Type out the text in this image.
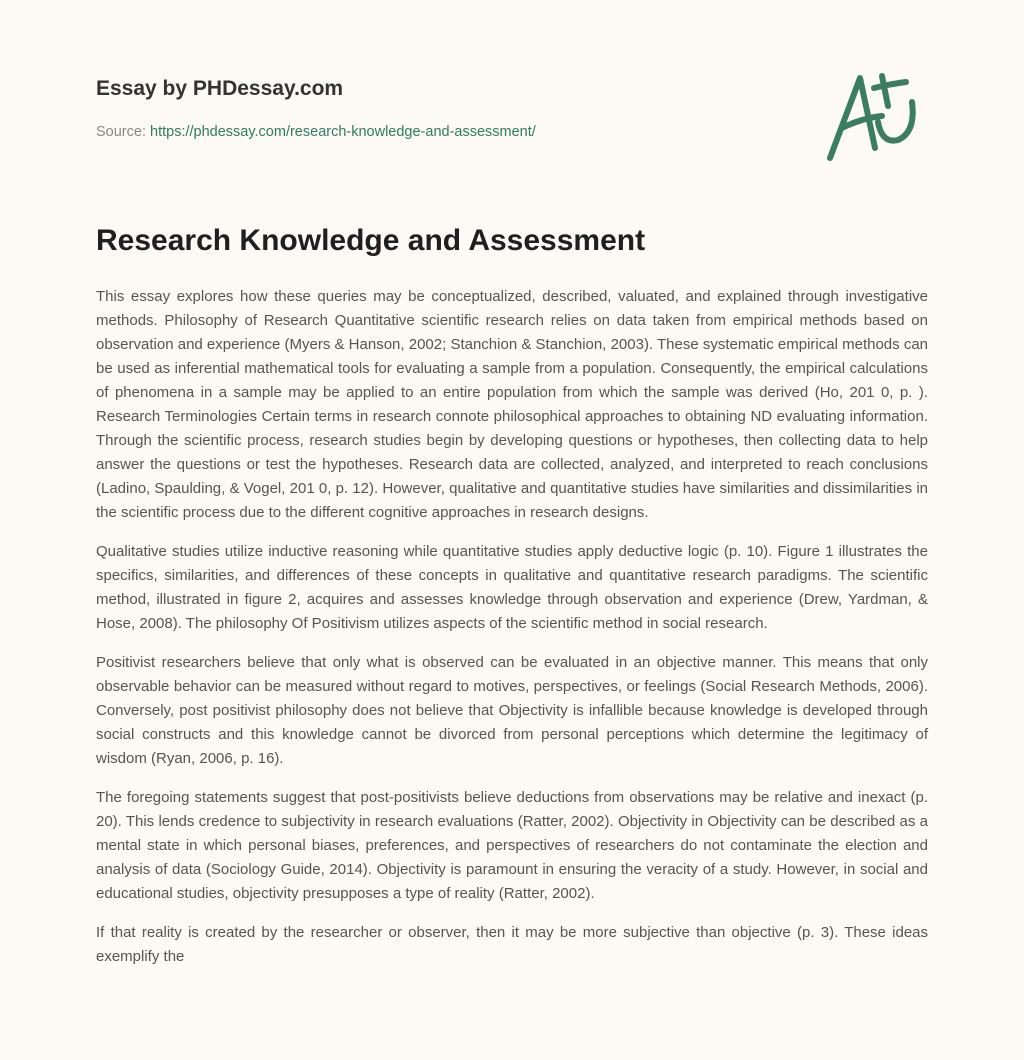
Essay by PHDessay.com
Source: https://phdessay.com/research-knowledge-and-assessment/
Research Knowledge and Assessment

This essay explores how these queries may be conceptualized, described, valuated, and explained through investigative methods. Philosophy of Research Quantitative scientific research relies on data taken from empirical methods based on observation and experience (Myers & Hanson, 2002; Stanchion & Stanchion, 2003). These systematic empirical methods can be used as inferential mathematical tools for evaluating a sample from a population. Consequently, the empirical calculations of phenomena in a sample may be applied to an entire population from which the sample was derived (Ho, 201 0, p. ). Research Terminologies Certain terms in research connote philosophical approaches to obtaining ND evaluating information. Through the scientific process, research studies begin by developing questions or hypotheses, then collecting data to help answer the questions or test the hypotheses. Research data are collected, analyzed, and interpreted to reach conclusions (Ladino, Spaulding, & Vogel, 201 0, p. 12). However, qualitative and quantitative studies have similarities and dissimilarities in the scientific process due to the different cognitive approaches in research designs.

Qualitative studies utilize inductive reasoning while quantitative studies apply deductive logic (p. 10). Figure 1 illustrates the specifics, similarities, and differences of these concepts in qualitative and quantitative research paradigms. The scientific method, illustrated in figure 2, acquires and assesses knowledge through observation and experience (Drew, Yardman, & Hose, 2008). The philosophy Of Positivism utilizes aspects of the scientific method in social research.

Positivist researchers believe that only what is observed can be evaluated in an objective manner. This means that only observable behavior can be measured without regard to motives, perspectives, or feelings (Social Research Methods, 2006). Conversely, post positivist philosophy does not believe that Objectivity is infallible because knowledge is developed through social constructs and this knowledge cannot be divorced from personal perceptions which determine the legitimacy of wisdom (Ryan, 2006, p. 16).

The foregoing statements suggest that post-positivists believe deductions from observations may be relative and inexact (p. 20). This lends credence to subjectivity in research evaluations (Ratter, 2002). Objectivity in Objectivity can be described as a mental state in which personal biases, preferences, and perspectives of researchers do not contaminate the election and analysis of data (Sociology Guide, 2014). Objectivity is paramount in ensuring the veracity of a study. However, in social and educational studies, objectivity presupposes a type of reality (Ratter, 2002).

If that reality is created by the researcher or observer, then it may be more subjective than objective (p. 3). These ideas exemplify the
